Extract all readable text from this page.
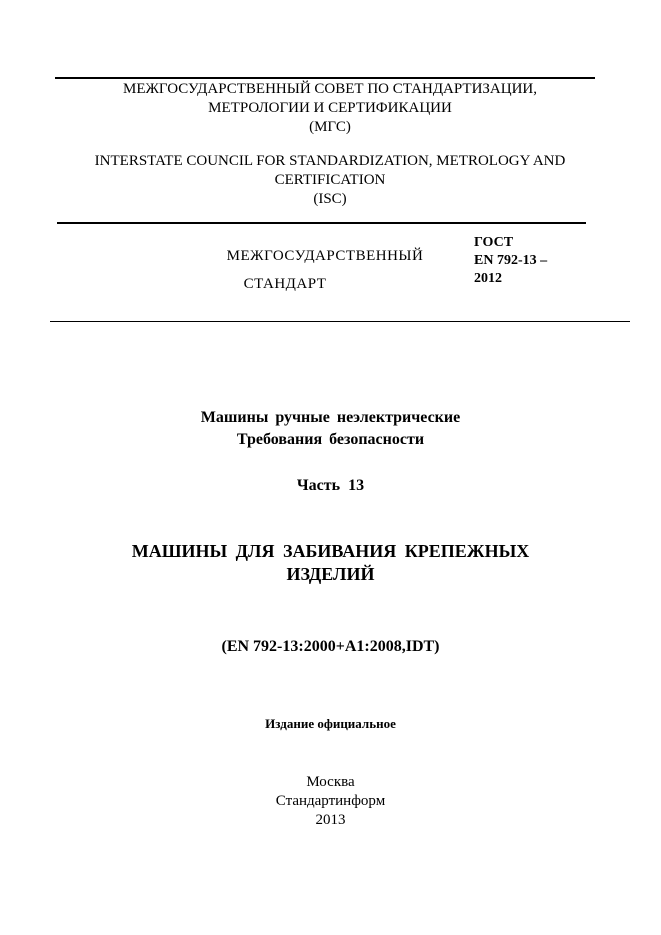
МЕЖГОСУДАРСТВЕННЫЙ СОВЕТ ПО СТАНДАРТИЗАЦИИ,
МЕТРОЛОГИИ И СЕРТИФИКАЦИИ
(МГС)
INTERSTATE COUNCIL FOR STANDARDIZATION, METROLOGY AND
CERTIFICATION
(ISC)
МЕЖГОСУДАРСТВЕННЫЙ
СТАНДАРТ
ГОСТ
EN 792-13 –
2012
Машины ручные неэлектрические
Требования безопасности
Часть 13
МАШИНЫ ДЛЯ ЗАБИВАНИЯ КРЕПЕЖНЫХ
ИЗДЕЛИЙ
(EN 792-13:2000+A1:2008,IDT)
Издание официальное
Москва
Стандартинформ
2013
